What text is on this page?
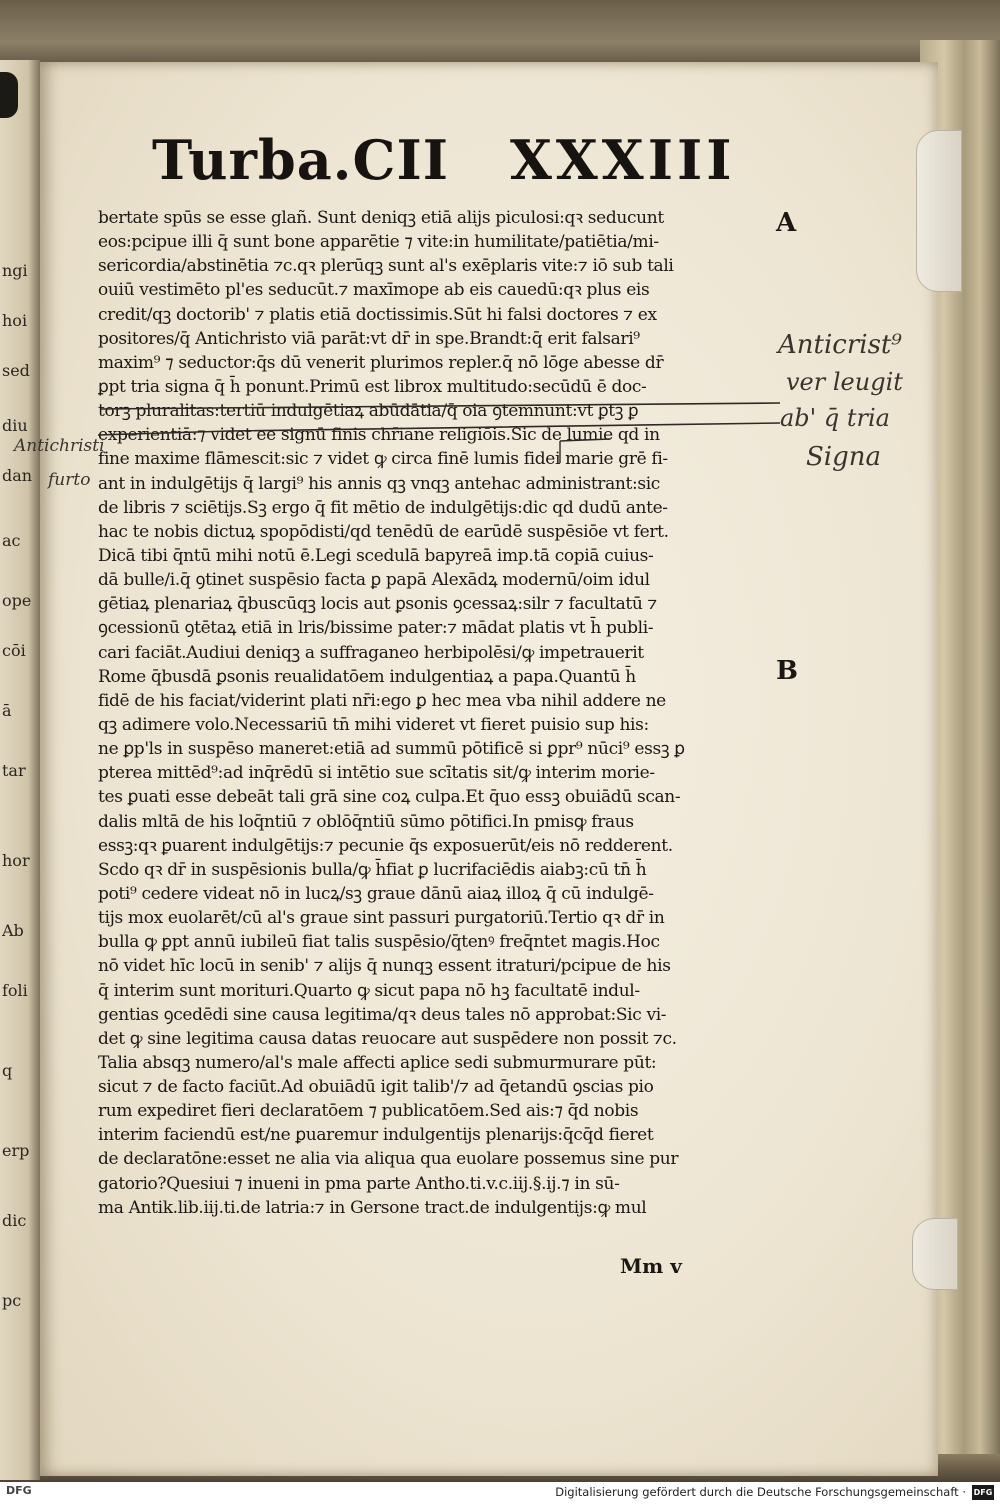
ngi
hoi
sed
diu
dan
ac
ope
cōi
ā
tar
hor
Ab
foli
q
erp
dic
pc
Turba.CII XXXIII
bertate spūs se esse glañ. Sunt deniqꝫ etiā alijs piculosi:qꝛ seducunt
eos:pcipue illi q̄ sunt bone apparētie ⁊ vite:in humilitate/patiētia/mi-
sericordia/abstinētia ⁊c.qꝛ plerūqꝫ sunt al's exēplaris vite:⁊ iō sub tali
ouiū vestimēto pl'es seducūt.⁊ maxīmope ab eis cauedū:qꝛ plus eis
credit/qꝫ doctorib' ⁊ platis etiā doctissimis.Sūt hi falsi doctores ⁊ ex
positores/q̄ Antichristo viā parāt:vt dr̄ in spe.Brandt:q̄ erit falsari⁹
maxim⁹ ⁊ seductor:q̄s dū venerit plurimos repler.q̄ nō lōge abesse dr̄
ꝑpt tria signa q̄ h̄ ponunt.Primū est librox multitudo:secūdū ē doc-
torꝫ pluralitas:tertiū indulgētiaꝝ abūdātia/q̄ oia ꝯtemnunt:vt ꝑtꝫ ꝑ
experientiā:⁊ videt ee signū finis chr̄iane religiōis.Sic de lumie qd in
fine maxime flāmescit:sic ⁊ videt ꝙ circa finē lumis fidei marie grē fi-
ant in indulgētijs q̄ largi⁹ his annis qꝫ vnqꝫ antehac administrant:sic
de libris ⁊ sciētijs.Sꝫ ergo q̄ fit mētio de indulgētijs:dic qd dudū ante-
hac te nobis dictuꝝ spopōdisti/qd tenēdū de earūdē suspēsiōe vt fert.
Dicā tibi q̄ntū mihi notū ē.Legi scedulā bapyreā imp.tā copiā cuius-
dā bulle/i.q̄ ꝯtinet suspēsio facta ꝑ papā Alexādꝝ modernū/oim idul
gētiaꝝ plenariaꝝ q̄buscūqꝫ locis aut ꝑsonis ꝯcessaꝝ:silr ⁊ facultatū ⁊
ꝯcessionū ꝯtētaꝝ etiā in lris/bissime pater:⁊ mādat platis vt h̄ publi-
cari faciāt.Audiui deniqꝫ a suffraganeo herbipolēsi/ꝙ impetrauerit
Rome q̄busdā ꝑsonis reualidatōem indulgentiaꝝ a papa.Quantū h̄
fidē de his faciat/viderint plati nr̄i:ego ꝑ hec mea vba nihil addere ne
qꝫ adimere volo.Necessariū tn̄ mihi videret vt fieret puisio sup his:
ne ꝑp'ls in suspēso maneret:etiā ad summū pōtificē si ꝑpr⁹ nūci⁹ essꝫ ꝑ
pterea mittēd⁹:ad inq̄rēdū si intētio sue scītatis sit/ꝙ interim morie-
tes ꝑuati esse debeāt tali grā sine coꝝ culpa.Et q̄uo essꝫ obuiādū scan-
dalis mltā de his loq̄ntiū ⁊ oblōq̄ntiū sūmo pōtifici.In pmisꝙ fraus
essꝫ:qꝛ ꝑuarent indulgētijs:⁊ pecunie q̄s exposuerūt/eis nō redderent.
Scdo qꝛ dr̄ in suspēsionis bulla/ꝙ h̄fiat ꝑ lucrifaciēdis aiabꝫ:cū tn̄ h̄
poti⁹ cedere videat nō in lucꝝ/sꝫ graue dānū aiaꝝ illoꝝ q̄ cū indulgē-
tijs mox euolarēt/cū al's graue sint passuri purgatoriū.Tertio qꝛ dr̄ in
bulla ꝙ ꝑpt annū iubileū fiat talis suspēsio/q̄tenꝰ freq̄ntet magis.Hoc
nō videt hīc locū in senib' ⁊ alijs q̄ nunqꝫ essent itraturi/pcipue de his
q̄ interim sunt morituri.Quarto ꝙ sicut papa nō hꝫ facultatē indul-
gentias ꝯcedēdi sine causa legitima/qꝛ deus tales nō approbat:Sic vi-
det ꝙ sine legitima causa datas reuocare aut suspēdere non possit ⁊c.
Talia absqꝫ numero/al's male affecti aplice sedi submurmurare pūt:
sicut ⁊ de facto faciūt.Ad obuiādū igit talib'/⁊ ad q̄etandū ꝯscias pio
rum expediret fieri declaratōem ⁊ publicatōem.Sed ais:⁊ q̄d nobis
interim faciendū est/ne ꝑuaremur indulgentijs plenarijs:q̄cq̄d fieret
de declaratōne:esset ne alia via aliqua qua euolare possemus sine pur
gatorio?Quesiui ⁊ inueni in pma parte Antho.ti.v.c.iij.§.ij.⁊ in sū-
ma Antik.lib.iij.ti.de latria:⁊ in Gersone tract.de indulgentijs:ꝙ mul
A
B
Anticrist⁹
ver leugit
ab' q̄ tria
Signa
Antichristi
furto
Mm v
DFG	Digitalisierung gefördert durch die Deutsche Forschungsgemeinschaft · DFG
